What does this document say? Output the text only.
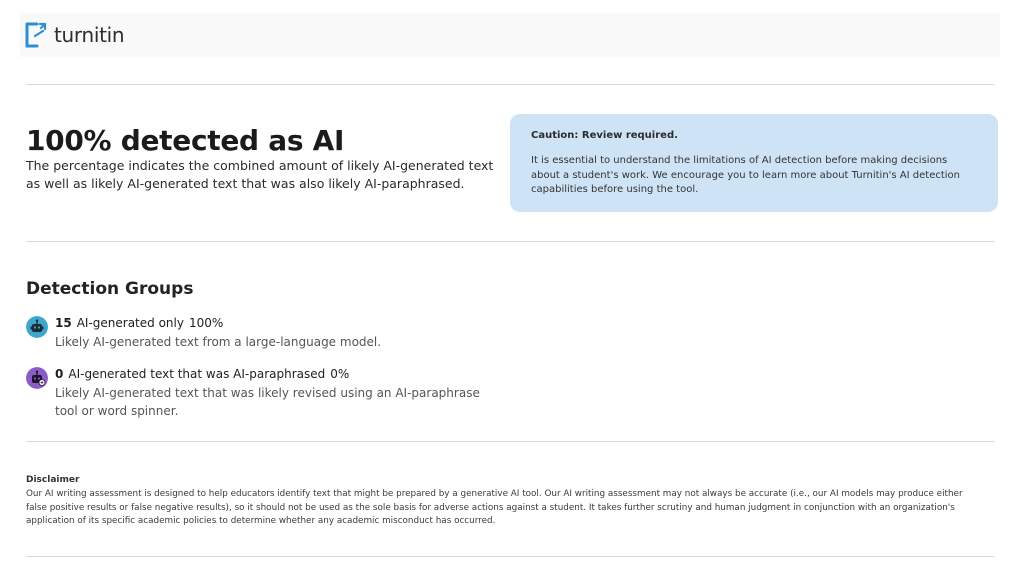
turnitin
100% detected as AI
The percentage indicates the combined amount of likely AI-generated text as well as likely AI-generated text that was also likely AI-paraphrased.
Caution: Review required.
It is essential to understand the limitations of AI detection before making decisions about a student's work. We encourage you to learn more about Turnitin's AI detection capabilities before using the tool.
Detection Groups
15 AI-generated only 100%
Likely AI-generated text from a large-language model.
0 AI-generated text that was AI-paraphrased 0%
Likely AI-generated text that was likely revised using an AI-paraphrase tool or word spinner.
Disclaimer
Our AI writing assessment is designed to help educators identify text that might be prepared by a generative AI tool. Our AI writing assessment may not always be accurate (i.e., our AI models may produce either false positive results or false negative results), so it should not be used as the sole basis for adverse actions against a student. It takes further scrutiny and human judgment in conjunction with an organization's application of its specific academic policies to determine whether any academic misconduct has occurred.
